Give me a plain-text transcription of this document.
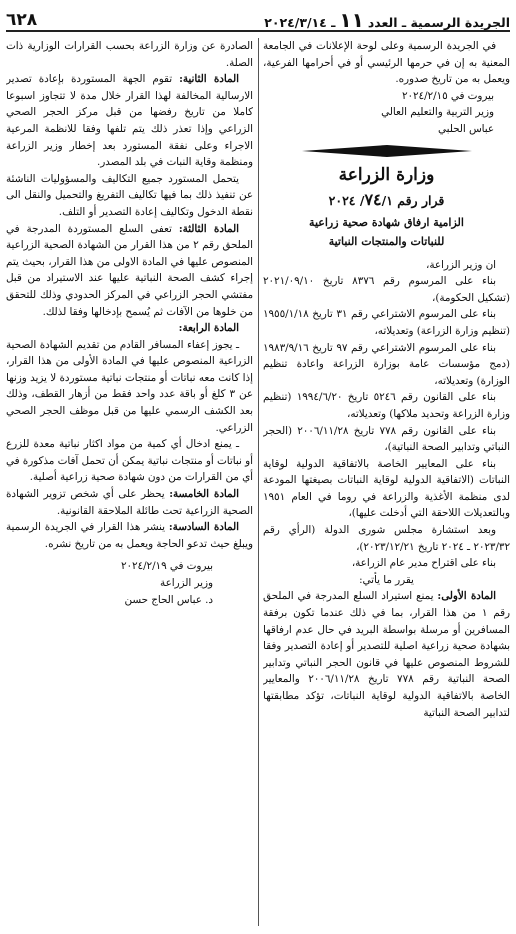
الجريدة الرسمية ـ العدد
١١
ـ ٢٠٢٤/٣/١٤
٦٢٨

في الجريدة الرسمية وعلى لوحة الإعلانات في الجامعة المعنية به إن في حرمها الرئيسي أو في أحرامها الفرعية، ويعمل به من تاريخ صدوره.

بيروت في ٢٠٢٤/٢/١٥

وزير التربية والتعليم العالي

عباس الحلبي

وزارة الزراعة
قرار رقم ٧٤/١/ ٢٠٢٤
الزامية ارفاق شهادة صحية زراعية
للنباتات والمنتجات النباتية

ان وزير الزراعة،

بناء على المرسوم رقم ٨٣٧٦ تاريخ ٢٠٢١/٠٩/١٠ (تشكيل الحكومة)،

بناء على المرسوم الاشتراعي رقم ٣١ تاريخ ١٩٥٥/١/١٨ (تنظيم وزارة الزراعة) وتعديلاته،

بناء على المرسوم الاشتراعي رقم ٩٧ تاريخ ١٩٨٣/٩/١٦ (دمج مؤسسات عامة بوزارة الزراعة واعادة تنظيم الوزارة) وتعديلاته،

بناء على القانون رقم ٥٢٤٦ تاريخ ١٩٩٤/٦/٢٠ (تنظيم وزارة الزراعة وتحديد ملاكها) وتعديلاته،

بناء على القانون رقم ٧٧٨ تاريخ ٢٠٠٦/١١/٢٨ (الحجر النباتي وتدابير الصحة النباتية)،

بناء على المعايير الخاصة بالاتفاقية الدولية لوقاية النباتات (الاتفاقية الدولية لوقاية النباتات بصيغتها المودعة لدى منظمة الأغذية والزراعة في روما في العام ١٩٥١ وبالتعديلات اللاحقة التي أدخلت عليها)،

وبعد استشارة مجلس شورى الدولة (الرأي رقم ٢٠٢٣/٣٢ ـ ٢٠٢٤ تاريخ ٢٠٢٣/١٢/٢١)،

بناء على اقتراح مدير عام الزراعة،

يقرر ما يأتي:

المادة الأولى: يمنع استيراد السلع المدرجة في الملحق رقم ١ من هذا القرار، بما في ذلك عندما تكون برفقة المسافرين أو مرسلة بواسطة البريد في حال عدم ارفاقها بشهادة صحية زراعية اصلية للتصدير أو إعادة التصدير وفقا للشروط المنصوص عليها في قانون الحجر النباتي وتدابير الصحة النباتية رقم ٧٧٨ تاريخ ٢٠٠٦/١١/٢٨ والمعايير الخاصة بالاتفاقية الدولية لوقاية النباتات، تؤكد مطابقتها لتدابير الصحة النباتية

الصادرة عن وزارة الزراعة بحسب القرارات الوزارية ذات الصلة.

المادة الثانية: تقوم الجهة المستوردة بإعادة تصدير الارسالية المخالفة لهذا القرار خلال مدة لا تتجاوز اسبوعا كاملا من تاريخ رفضها من قبل مركز الحجر الصحي الزراعي وإذا تعذر ذلك يتم تلفها وفقا للانظمة المرعية الاجراء وعلى نفقة المستورد بعد إخطار وزير الزراعة ومنظمة وقاية النبات في بلد المصدر.

يتحمل المستورد جميع التكاليف والمسؤوليات الناشئة عن تنفيذ ذلك بما فيها تكاليف التفريغ والتحميل والنقل الى نقطة الدخول وتكاليف إعادة التصدير أو التلف.

المادة الثالثة: تعفى السلع المستوردة المدرجة في الملحق رقم ٢ من هذا القرار من الشهادة الصحية الزراعية المنصوص عليها في المادة الاولى من هذا القرار، بحيث يتم إجراء كشف الصحة النباتية عليها عند الاستيراد من قبل مفتشي الحجر الزراعي في المركز الحدودي وذلك للتحقق من خلوها من الآفات ثم يُسمح بإدخالها وفقا لذلك.

المادة الرابعة:

ـ يجوز إعفاء المسافر القادم من تقديم الشهادة الصحية الزراعية المنصوص عليها في المادة الأولى من هذا القرار، إذا كانت معه نباتات أو منتجات نباتية مستوردة لا يزيد وزنها عن ٣ كلغ أو باقة عدد واحد فقط من أزهار القطف، وذلك بعد الكشف الرسمي عليها من قبل موظف الحجر الصحي الزراعي.

ـ يمنع ادخال أي كمية من مواد اكثار نباتية معدة للزرع أو نباتات أو منتجات نباتية يمكن أن تحمل آفات مذكورة في أي من القرارات من دون شهادة صحية زراعية أصلية.

المادة الخامسة: يحظر على أي شخص تزوير الشهادة الصحية الزراعية تحت طائلة الملاحقة القانونية.

المادة السادسة: ينشر هذا القرار في الجريدة الرسمية ويبلغ حيث تدعو الحاجة ويعمل به من تاريخ نشره.

بيروت في ٢٠٢٤/٢/١٩

وزير الزراعة

د. عباس الحاج حسن
